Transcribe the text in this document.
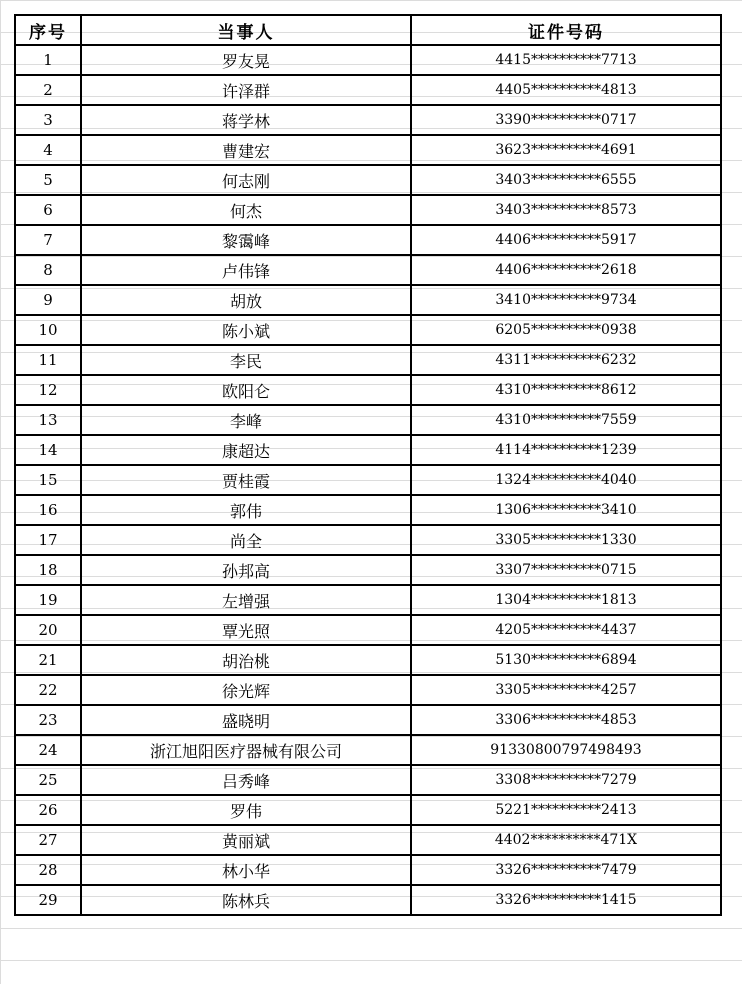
序号	当事人	证件号码
1	罗友晃	4415**********7713
2	许泽群	4405**********4813
3	蒋学林	3390**********0717
4	曹建宏	3623**********4691
5	何志刚	3403**********6555
6	何杰	3403**********8573
7	黎霭峰	4406**********5917
8	卢伟锋	4406**********2618
9	胡放	3410**********9734
10	陈小斌	6205**********0938
11	李民	4311**********6232
12	欧阳仑	4310**********8612
13	李峰	4310**********7559
14	康超达	4114**********1239
15	贾桂霞	1324**********4040
16	郭伟	1306**********3410
17	尚全	3305**********1330
18	孙邦高	3307**********0715
19	左增强	1304**********1813
20	覃光照	4205**********4437
21	胡治桃	5130**********6894
22	徐光辉	3305**********4257
23	盛晓明	3306**********4853
24	浙江旭阳医疗器械有限公司	91330800797498493
25	吕秀峰	3308**********7279
26	罗伟	5221**********2413
27	黄丽斌	4402**********471X
28	林小华	3326**********7479
29	陈林兵	3326**********1415
